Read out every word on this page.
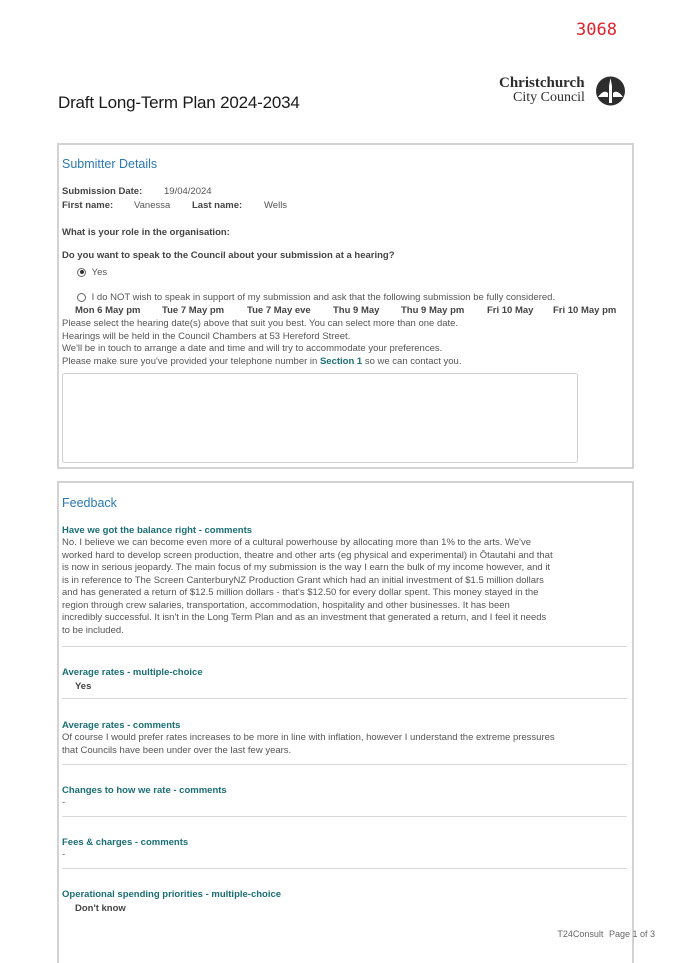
3068
Draft Long-Term Plan 2024-2034
Christchurch
City Council
Submitter Details
Submission Date: 19/04/2024
First name: Vanessa Last name: Wells
What is your role in the organisation:
Do you want to speak to the Council about your submission at a hearing?
Yes
I do NOT wish to speak in support of my submission and ask that the following submission be fully considered.
Mon 6 May pm Tue 7 May pm Tue 7 May eve Thu 9 May Thu 9 May pm Fri 10 May Fri 10 May pm
Please select the hearing date(s) above that suit you best. You can select more than one date.
Hearings will be held in the Council Chambers at 53 Hereford Street.
We'll be in touch to arrange a date and time and will try to accommodate your preferences.
Please make sure you've provided your telephone number in Section 1 so we can contact you.
Feedback
Have we got the balance right - comments
No. I believe we can become even more of a cultural powerhouse by allocating more than 1% to the arts. We've
worked hard to develop screen production, theatre and other arts (eg physical and experimental) in Ōtautahi and that
is now in serious jeopardy. The main focus of my submission is the way I earn the bulk of my income however, and it
is in reference to The Screen CanterburyNZ Production Grant which had an initial investment of $1.5 million dollars
and has generated a return of $12.5 million dollars - that's $12.50 for every dollar spent. This money stayed in the
region through crew salaries, transportation, accommodation, hospitality and other businesses. It has been
incredibly successful. It isn't in the Long Term Plan and as an investment that generated a return, and I feel it needs
to be included.
Average rates - multiple-choice
Yes
Average rates - comments
Of course I would prefer rates increases to be more in line with inflation, however I understand the extreme pressures
that Councils have been under over the last few years.
Changes to how we rate - comments
-
Fees & charges - comments
-
Operational spending priorities - multiple-choice
Don't know
T24Consult Page 1 of 3
